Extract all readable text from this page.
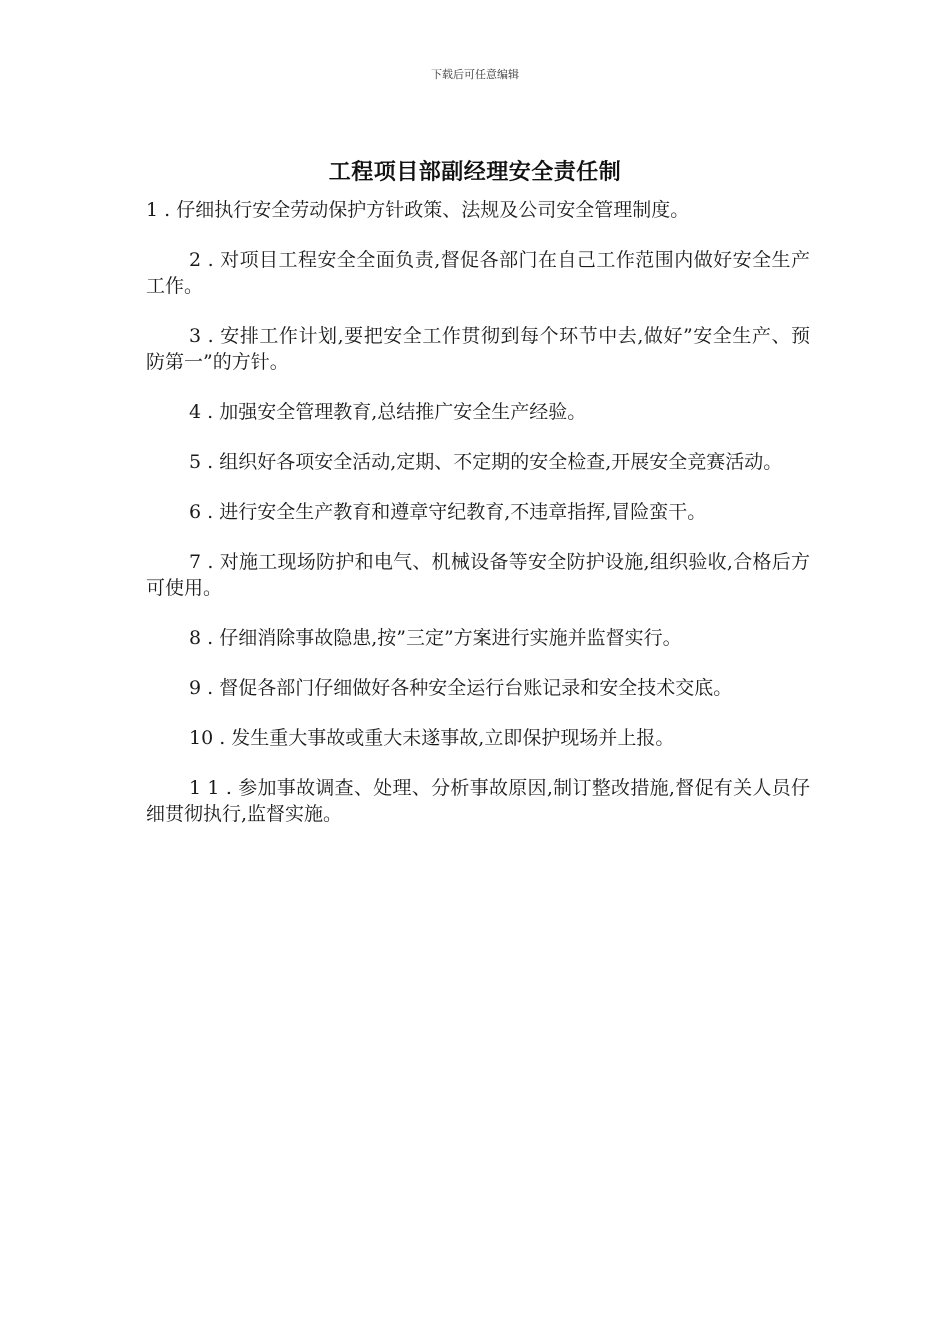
下载后可任意编辑
工程项目部副经理安全责任制

1 . 仔细执行安全劳动保护方针政策、法规及公司安全管理制度。

2 . 对项目工程安全全面负责,督促各部门在自己工作范围内做好安全生产工作。

3 . 安排工作计划,要把安全工作贯彻到每个环节中去,做好”安全生产、预防第一”的方针。

4 . 加强安全管理教育,总结推广安全生产经验。

5 . 组织好各项安全活动,定期、不定期的安全检查,开展安全竞赛活动。

6 . 进行安全生产教育和遵章守纪教育,不违章指挥,冒险蛮干。

7 . 对施工现场防护和电气、机械设备等安全防护设施,组织验收,合格后方可使用。

8 . 仔细消除事故隐患,按”三定”方案进行实施并监督实行。

9 . 督促各部门仔细做好各种安全运行台账记录和安全技术交底。

10 . 发生重大事故或重大未遂事故,立即保护现场并上报。

1 1 . 参加事故调查、处理、分析事故原因,制订整改措施,督促有关人员仔细贯彻执行,监督实施。
